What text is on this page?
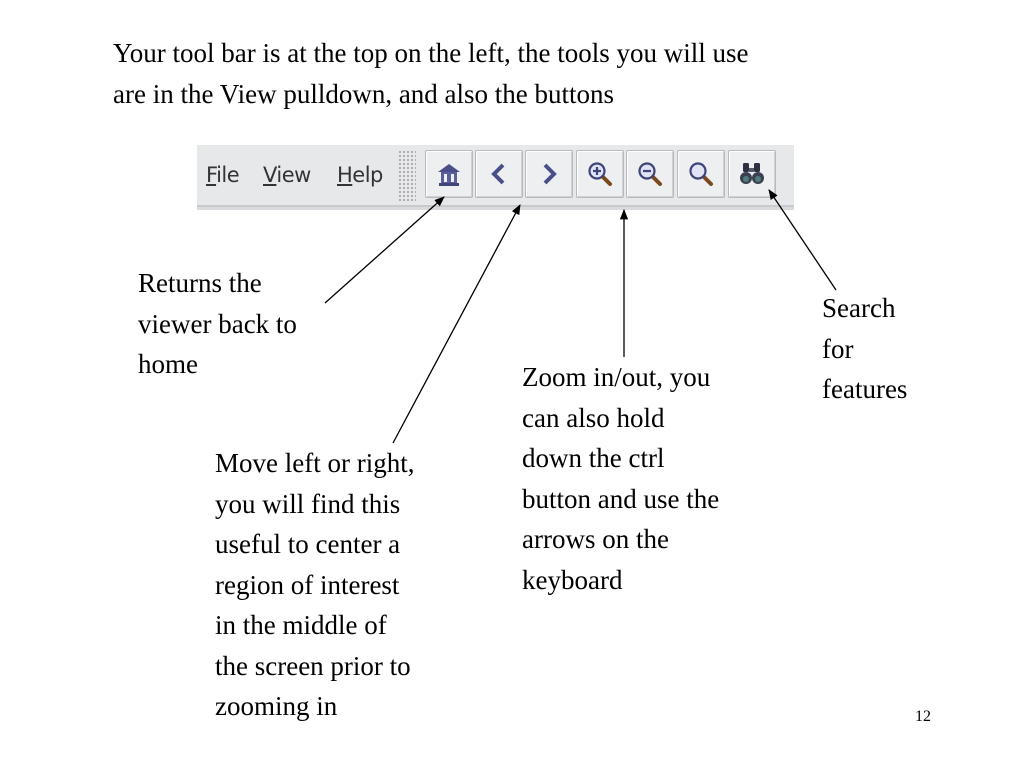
Your tool bar is at the top on the left, the tools you will use
are in the View pulldown, and also the buttons

File View Help

Returns the
viewer back to
home

Move left or right,
you will find this
useful to center a
region of interest
in the middle of
the screen prior to
zooming in

Zoom in/out, you
can also hold
down the ctrl
button and use the
arrows on the
keyboard

Search
for
features

12
